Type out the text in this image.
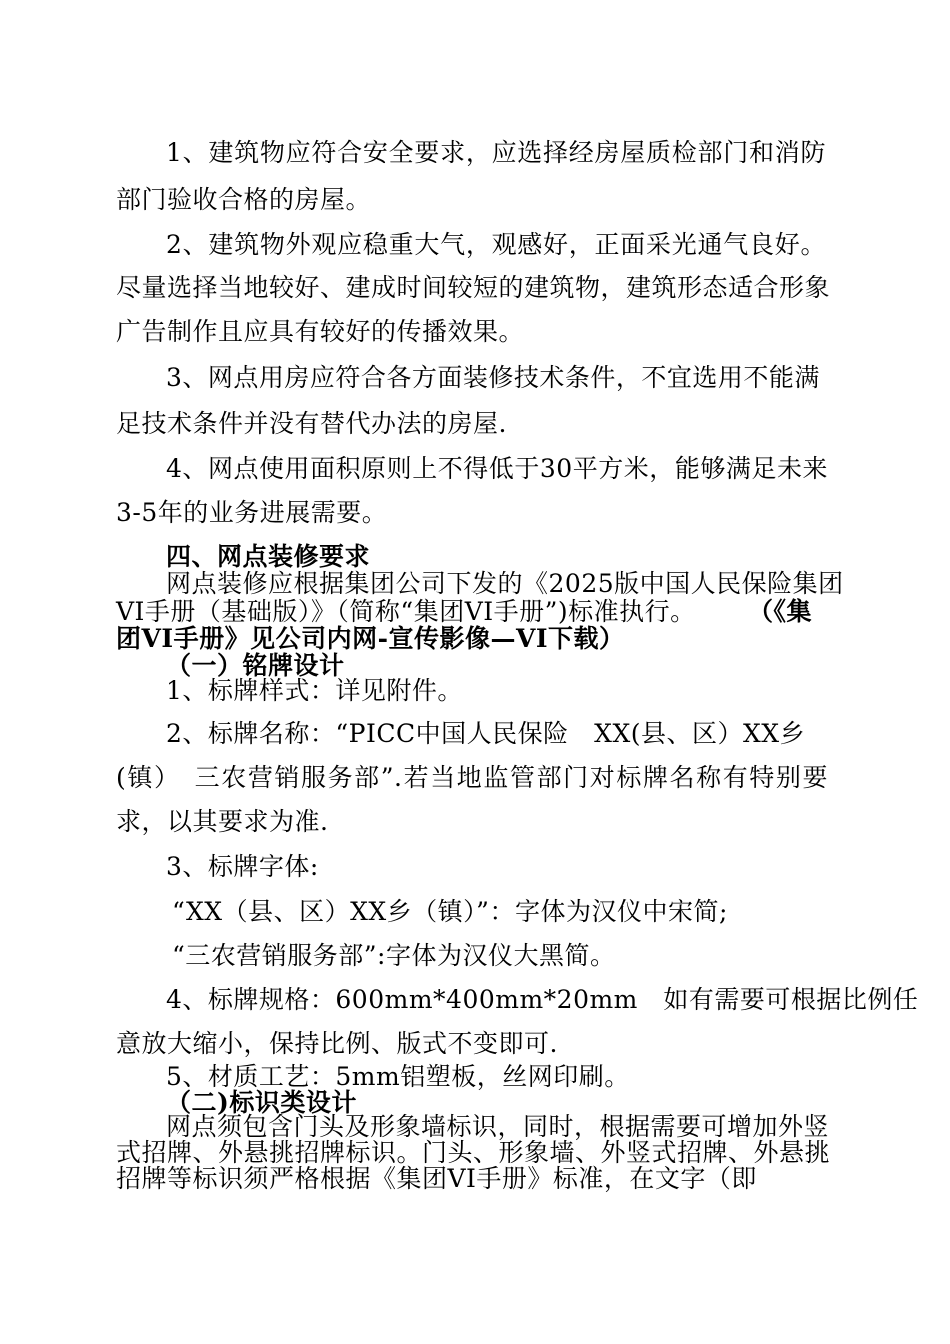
1、建筑物应符合安全要求，应选择经房屋质检部门和消防
部门验收合格的房屋。
2、建筑物外观应稳重大气，观感好，正面采光通气良好。
尽量选择当地较好、建成时间较短的建筑物，建筑形态适合形象
广告制作且应具有较好的传播效果。
3、网点用房应符合各方面装修技术条件，不宜选用不能满
足技术条件并没有替代办法的房屋.
4、网点使用面积原则上不得低于30平方米，能够满足未来
3-5年的业务进展需要。
四、网点装修要求
网点装修应根据集团公司下发的《2025版中国人民保险集团
VI手册（基础版）》（简称“集团VI手册”)标准执行。	（《集
团VI手册》见公司内网-宣传影像—VI下载）
（一）铭牌设计
1、标牌样式：详见附件。
2、标牌名称：“PICC中国人民保险　XX(县、区）XX乡
(镇）　三农营销服务部”.若当地监管部门对标牌名称有特别要
求，以其要求为准.
3、标牌字体:
“XX（县、区）XX乡（镇）”：字体为汉仪中宋简;
“三农营销服务部”:字体为汉仪大黑简。
4、标牌规格：600mm*400mm*20mm　如有需要可根据比例任
意放大缩小，保持比例、版式不变即可.
5、材质工艺：5mm铝塑板，丝网印刷。
（二)标识类设计
网点须包含门头及形象墙标识，同时，根据需要可增加外竖
式招牌、外悬挑招牌标识。门头、形象墙、外竖式招牌、外悬挑
招牌等标识须严格根据《集团VI手册》标准，在文字（即
